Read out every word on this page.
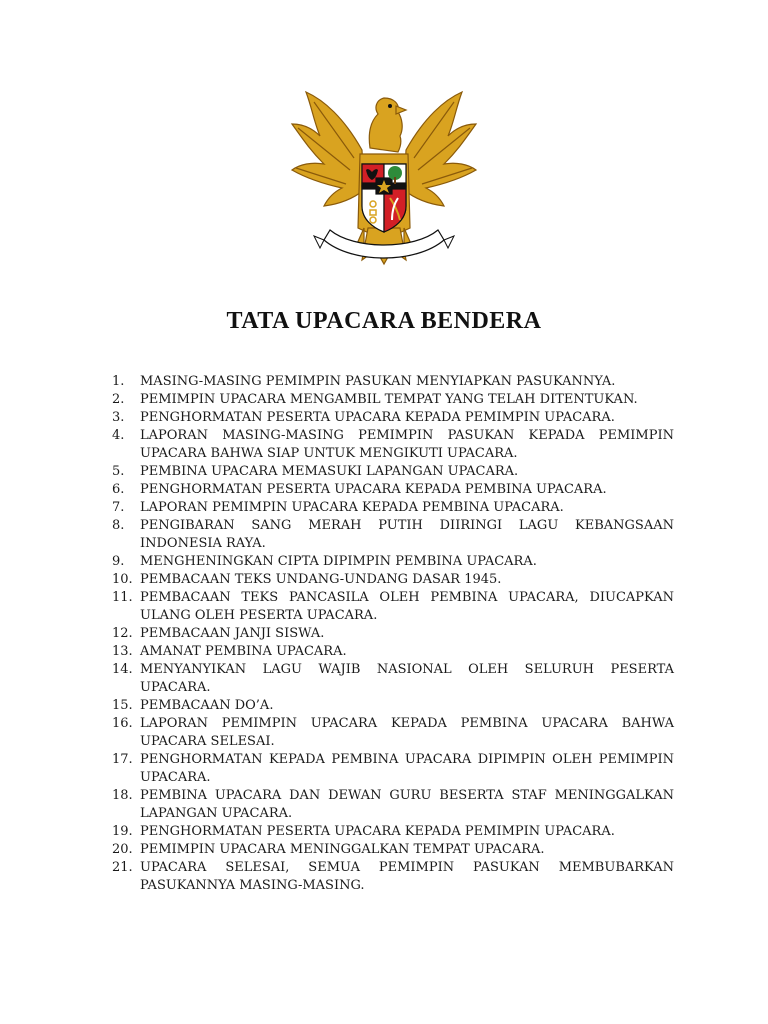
TATA UPACARA BENDERA
1.	MASING-MASING PEMIMPIN PASUKAN MENYIAPKAN PASUKANNYA.
2.	PEMIMPIN UPACARA MENGAMBIL TEMPAT YANG TELAH DITENTUKAN.
3.	PENGHORMATAN PESERTA UPACARA KEPADA PEMIMPIN UPACARA.
4.	LAPORAN MASING-MASING PEMIMPIN PASUKAN KEPADA PEMIMPIN UPACARA BAHWA SIAP UNTUK MENGIKUTI UPACARA.
5.	PEMBINA UPACARA MEMASUKI LAPANGAN UPACARA.
6.	PENGHORMATAN PESERTA UPACARA KEPADA PEMBINA UPACARA.
7.	LAPORAN PEMIMPIN UPACARA KEPADA PEMBINA UPACARA.
8.	PENGIBARAN SANG MERAH PUTIH DIIRINGI LAGU KEBANGSAAN INDONESIA RAYA.
9.	MENGHENINGKAN CIPTA DIPIMPIN PEMBINA UPACARA.
10. PEMBACAAN TEKS UNDANG-UNDANG DASAR 1945.
11. PEMBACAAN TEKS PANCASILA OLEH PEMBINA UPACARA, DIUCAPKAN ULANG OLEH PESERTA UPACARA.
12. PEMBACAAN JANJI SISWA.
13. AMANAT PEMBINA UPACARA.
14. MENYANYIKAN LAGU WAJIB NASIONAL OLEH SELURUH PESERTA UPACARA.
15. PEMBACAAN DO’A.
16. LAPORAN PEMIMPIN UPACARA KEPADA PEMBINA UPACARA BAHWA UPACARA SELESAI.
17. PENGHORMATAN KEPADA PEMBINA UPACARA DIPIMPIN OLEH PEMIMPIN UPACARA.
18. PEMBINA UPACARA DAN DEWAN GURU BESERTA STAF MENINGGALKAN LAPANGAN UPACARA.
19. PENGHORMATAN PESERTA UPACARA KEPADA PEMIMPIN UPACARA.
20. PEMIMPIN UPACARA MENINGGALKAN TEMPAT UPACARA.
21. UPACARA SELESAI, SEMUA PEMIMPIN PASUKAN MEMBUBARKAN PASUKANNYA MASING-MASING.
